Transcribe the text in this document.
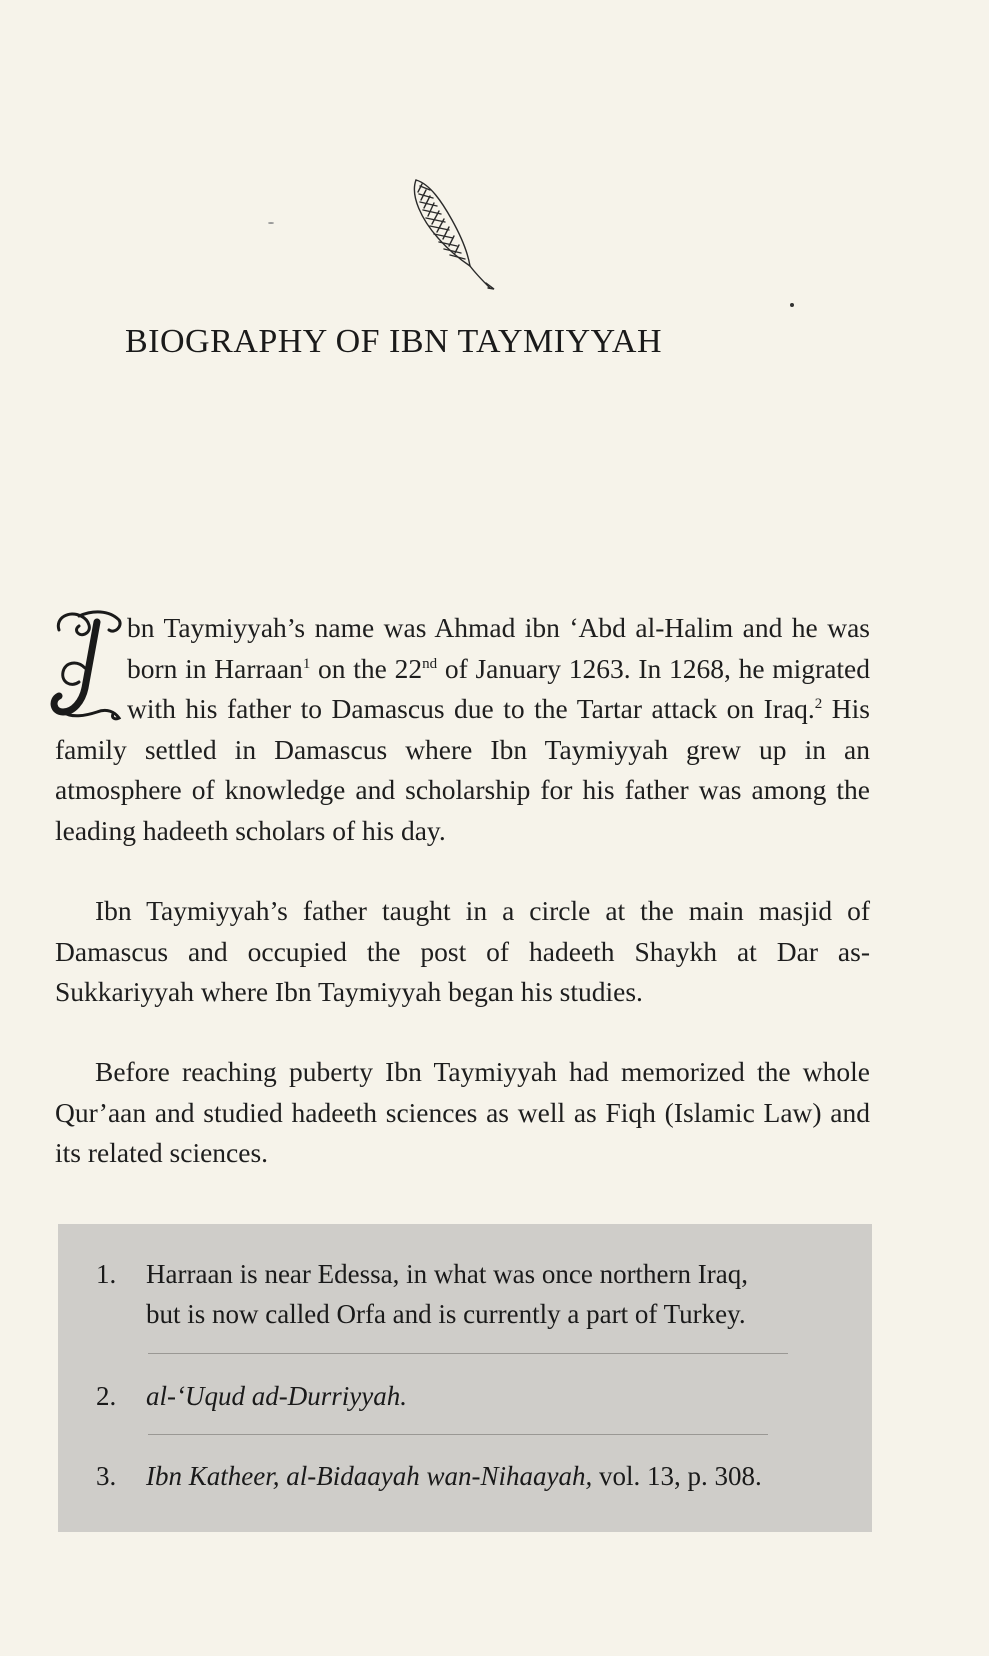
BIOGRAPHY OF IBN TAYMIYYAH

bn Taymiyyah’s name was Ahmad ibn ‘Abd al-Halim and he was born in Harraan$^1$ on the 22nd of January 1263. In 1268, he migrated with his father to Damascus due to the Tartar attack on Iraq.$^2$ His family settled in Damascus where Ibn Taymiyyah grew up in an atmosphere of knowledge and scholarship for his father was among the leading hadeeth scholars of his day.

Ibn Taymiyyah’s father taught in a circle at the main masjid of Damascus and occupied the post of hadeeth Shaykh at Dar as-Sukkariyyah where Ibn Taymiyyah began his studies.

Before reaching puberty Ibn Taymiyyah had memorized the whole Qur’aan and studied hadeeth sciences as well as Fiqh (Islamic Law) and its related sciences.

1.	Harraan is near Edessa, in what was once northern Iraq,
but is now called Orfa and is currently a part of Turkey.
2.	al-‘Uqud ad-Durriyyah.
3.	Ibn Katheer, al-Bidaayah wan-Nihaayah, vol. 13, p. 308.
